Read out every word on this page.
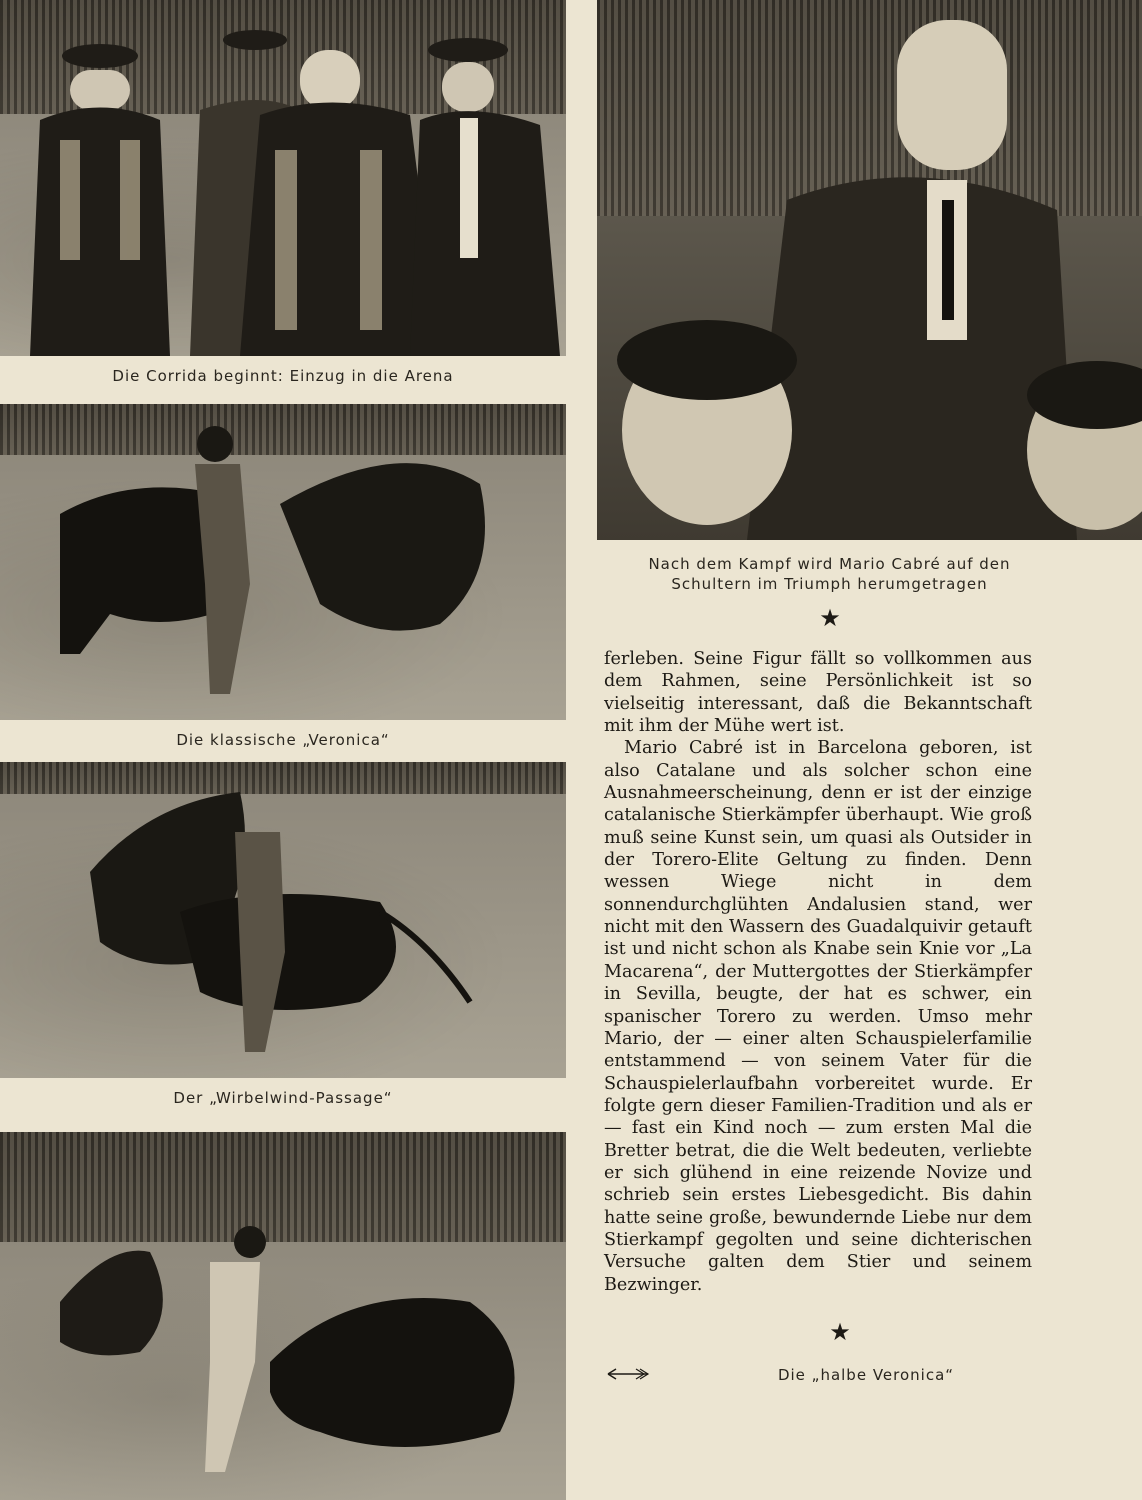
Die Corrida beginnt: Einzug in die Arena
Die klassische „Veronica“
Der „Wirbelwind-Passage“
Nach dem Kampf wird Mario Cabré auf den
Schultern im Triumph herumgetragen
★

ferleben. Seine Figur fällt so vollkommen aus dem Rahmen, seine Persönlichkeit ist so vielseitig interessant, daß die Bekanntschaft mit ihm der Mühe wert ist.

Mario Cabré ist in Barcelona geboren, ist also Catalane und als solcher schon eine Ausnahmeerscheinung, denn er ist der einzige catalanische Stierkämpfer überhaupt. Wie groß muß seine Kunst sein, um quasi als Outsider in der Torero-Elite Geltung zu finden. Denn wessen Wiege nicht in dem sonnendurchglühten Andalusien stand, wer nicht mit den Wassern des Guadalquivir getauft ist und nicht schon als Knabe sein Knie vor „La Macarena“, der Muttergottes der Stierkämpfer in Sevilla, beugte, der hat es schwer, ein spanischer Torero zu werden. Umso mehr Mario, der — einer alten Schauspielerfamilie entstammend — von seinem Vater für die Schauspielerlaufbahn vorbereitet wurde. Er folgte gern dieser Familien-Tradition und als er — fast ein Kind noch — zum ersten Mal die Bretter betrat, die die Welt bedeuten, verliebte er sich glühend in eine reizende Novize und schrieb sein erstes Liebesgedicht. Bis dahin hatte seine große, bewundernde Liebe nur dem Stierkampf gegolten und seine dichterischen Versuche galten dem Stier und seinem Bezwinger.

★
Die „halbe Veronica“
